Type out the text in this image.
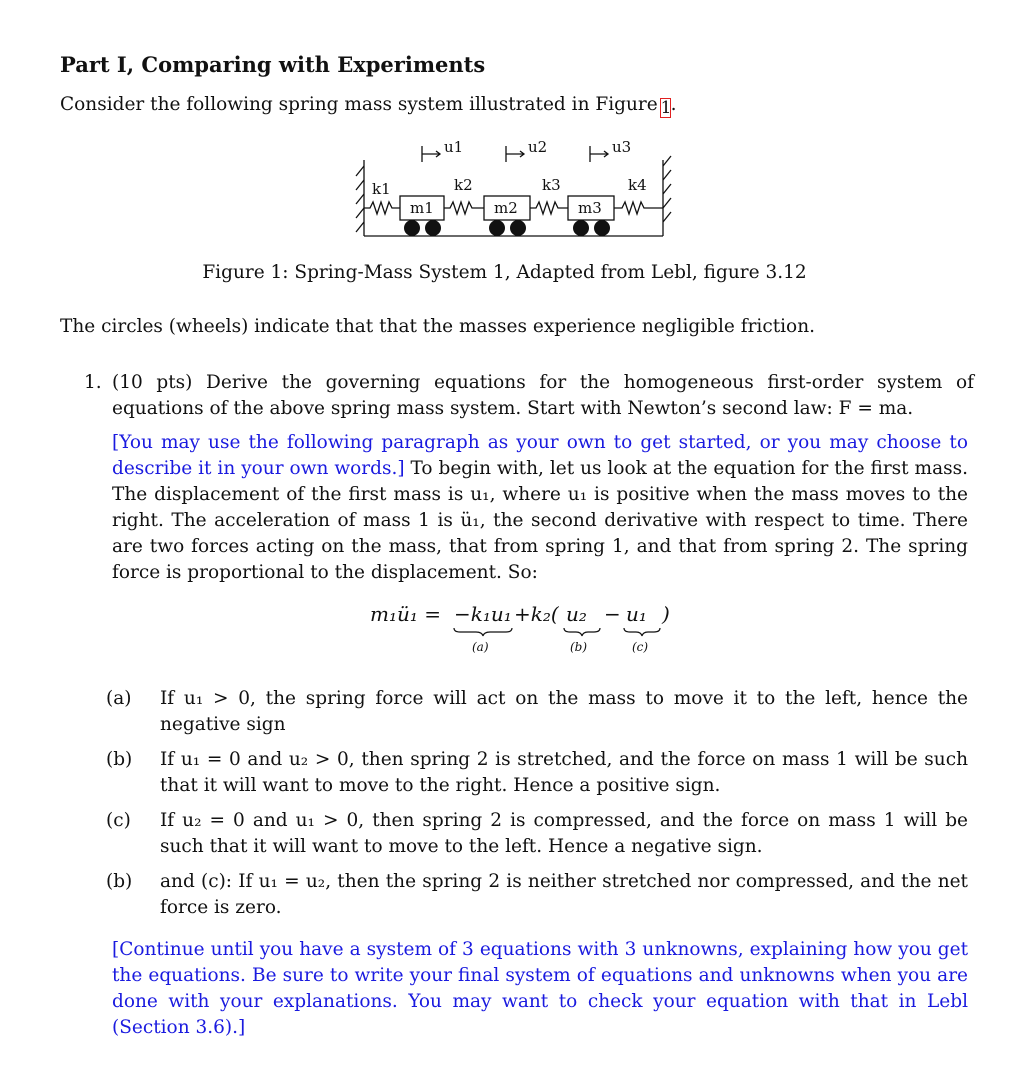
Part I, Comparing with Experiments
Consider the following spring mass system illustrated in Figure 1 .
u1	u2	u3
k1	k2	k3	k4
m1	m2	m3
Figure 1: Spring-Mass System 1, Adapted from Lebl, figure 3.12
The circles (wheels) indicate that that the masses experience negligible friction.
1. (10 pts) Derive the governing equations for the homogeneous first-order system of equations of the above spring mass system. Start with Newton’s second law: F = ma.
[You may use the following paragraph as your own to get started, or you may choose to describe it in your own words.] To begin with, let us look at the equation for the first mass. The displacement of the first mass is u₁, where u₁ is positive when the mass moves to the right. The acceleration of mass 1 is ü₁, the second derivative with respect to time. There are two forces acting on the mass, that from spring 1, and that from spring 2. The spring force is proportional to the displacement. So:
m₁ü₁ = −k₁u₁ +k₂( u₂ − u₁ )
(a)	(b)	(c)
(a) If u₁ > 0, the spring force will act on the mass to move it to the left, hence the negative sign
(b) If u₁ = 0 and u₂ > 0, then spring 2 is stretched, and the force on mass 1 will be such that it will want to move to the right. Hence a positive sign.
(c) If u₂ = 0 and u₁ > 0, then spring 2 is compressed, and the force on mass 1 will be such that it will want to move to the left. Hence a negative sign.
(b) and (c): If u₁ = u₂, then the spring 2 is neither stretched nor compressed, and the net force is zero.
[Continue until you have a system of 3 equations with 3 unknowns, explaining how you get the equations. Be sure to write your final system of equations and unknowns when you are done with your explanations. You may want to check your equation with that in Lebl (Section 3.6).]
